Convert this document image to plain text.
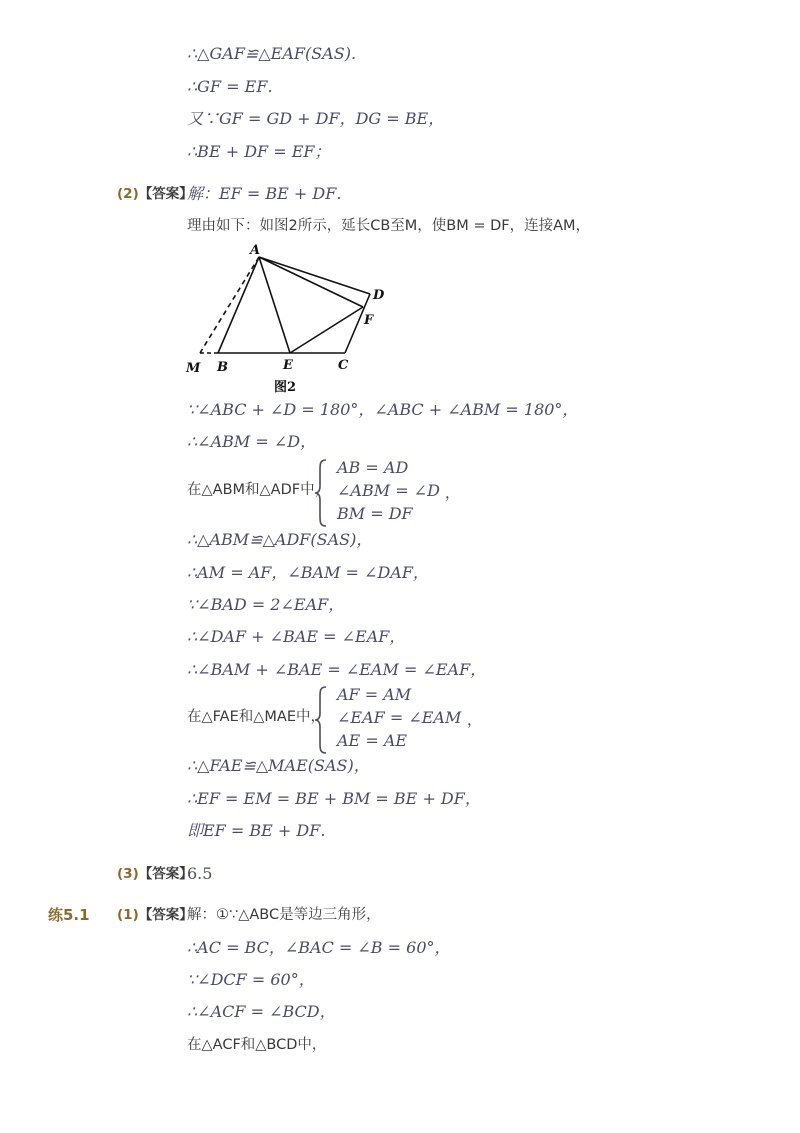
∴△GAF≌△EAF(SAS)．
∴GF = EF．
又∵GF = GD + DF，DG = BE，
∴BE + DF = EF；
(2)【答案】
解：EF = BE + DF．
理由如下：如图2所示，延长CB至M，使BM = DF，连接AM，
A
D
F
M B	E	C
图2
∵∠ABC + ∠D = 180°，∠ABC + ∠ABM = 180°，
∴∠ABM = ∠D，
在△ABM和△ADF中，
AB = AD
∠ABM = ∠D
BM = DF
，
∴△ABM≌△ADF(SAS)，
∴AM = AF，∠BAM = ∠DAF，
∵∠BAD = 2∠EAF，
∴∠DAF + ∠BAE = ∠EAF，
∴∠BAM + ∠BAE = ∠EAM = ∠EAF，
在△FAE和△MAE中，
AF = AM
∠EAF = ∠EAM
AE = AE
，
∴△FAE≌△MAE(SAS)，
∴EF = EM = BE + BM = BE + DF，
即EF = BE + DF．
(3)【答案】
6.5
练5.1 (1)【答案】
解：①∵△ABC是等边三角形，
∴AC = BC，∠BAC = ∠B = 60°，
∵∠DCF = 60°，
∴∠ACF = ∠BCD，
在△ACF和△BCD中，
